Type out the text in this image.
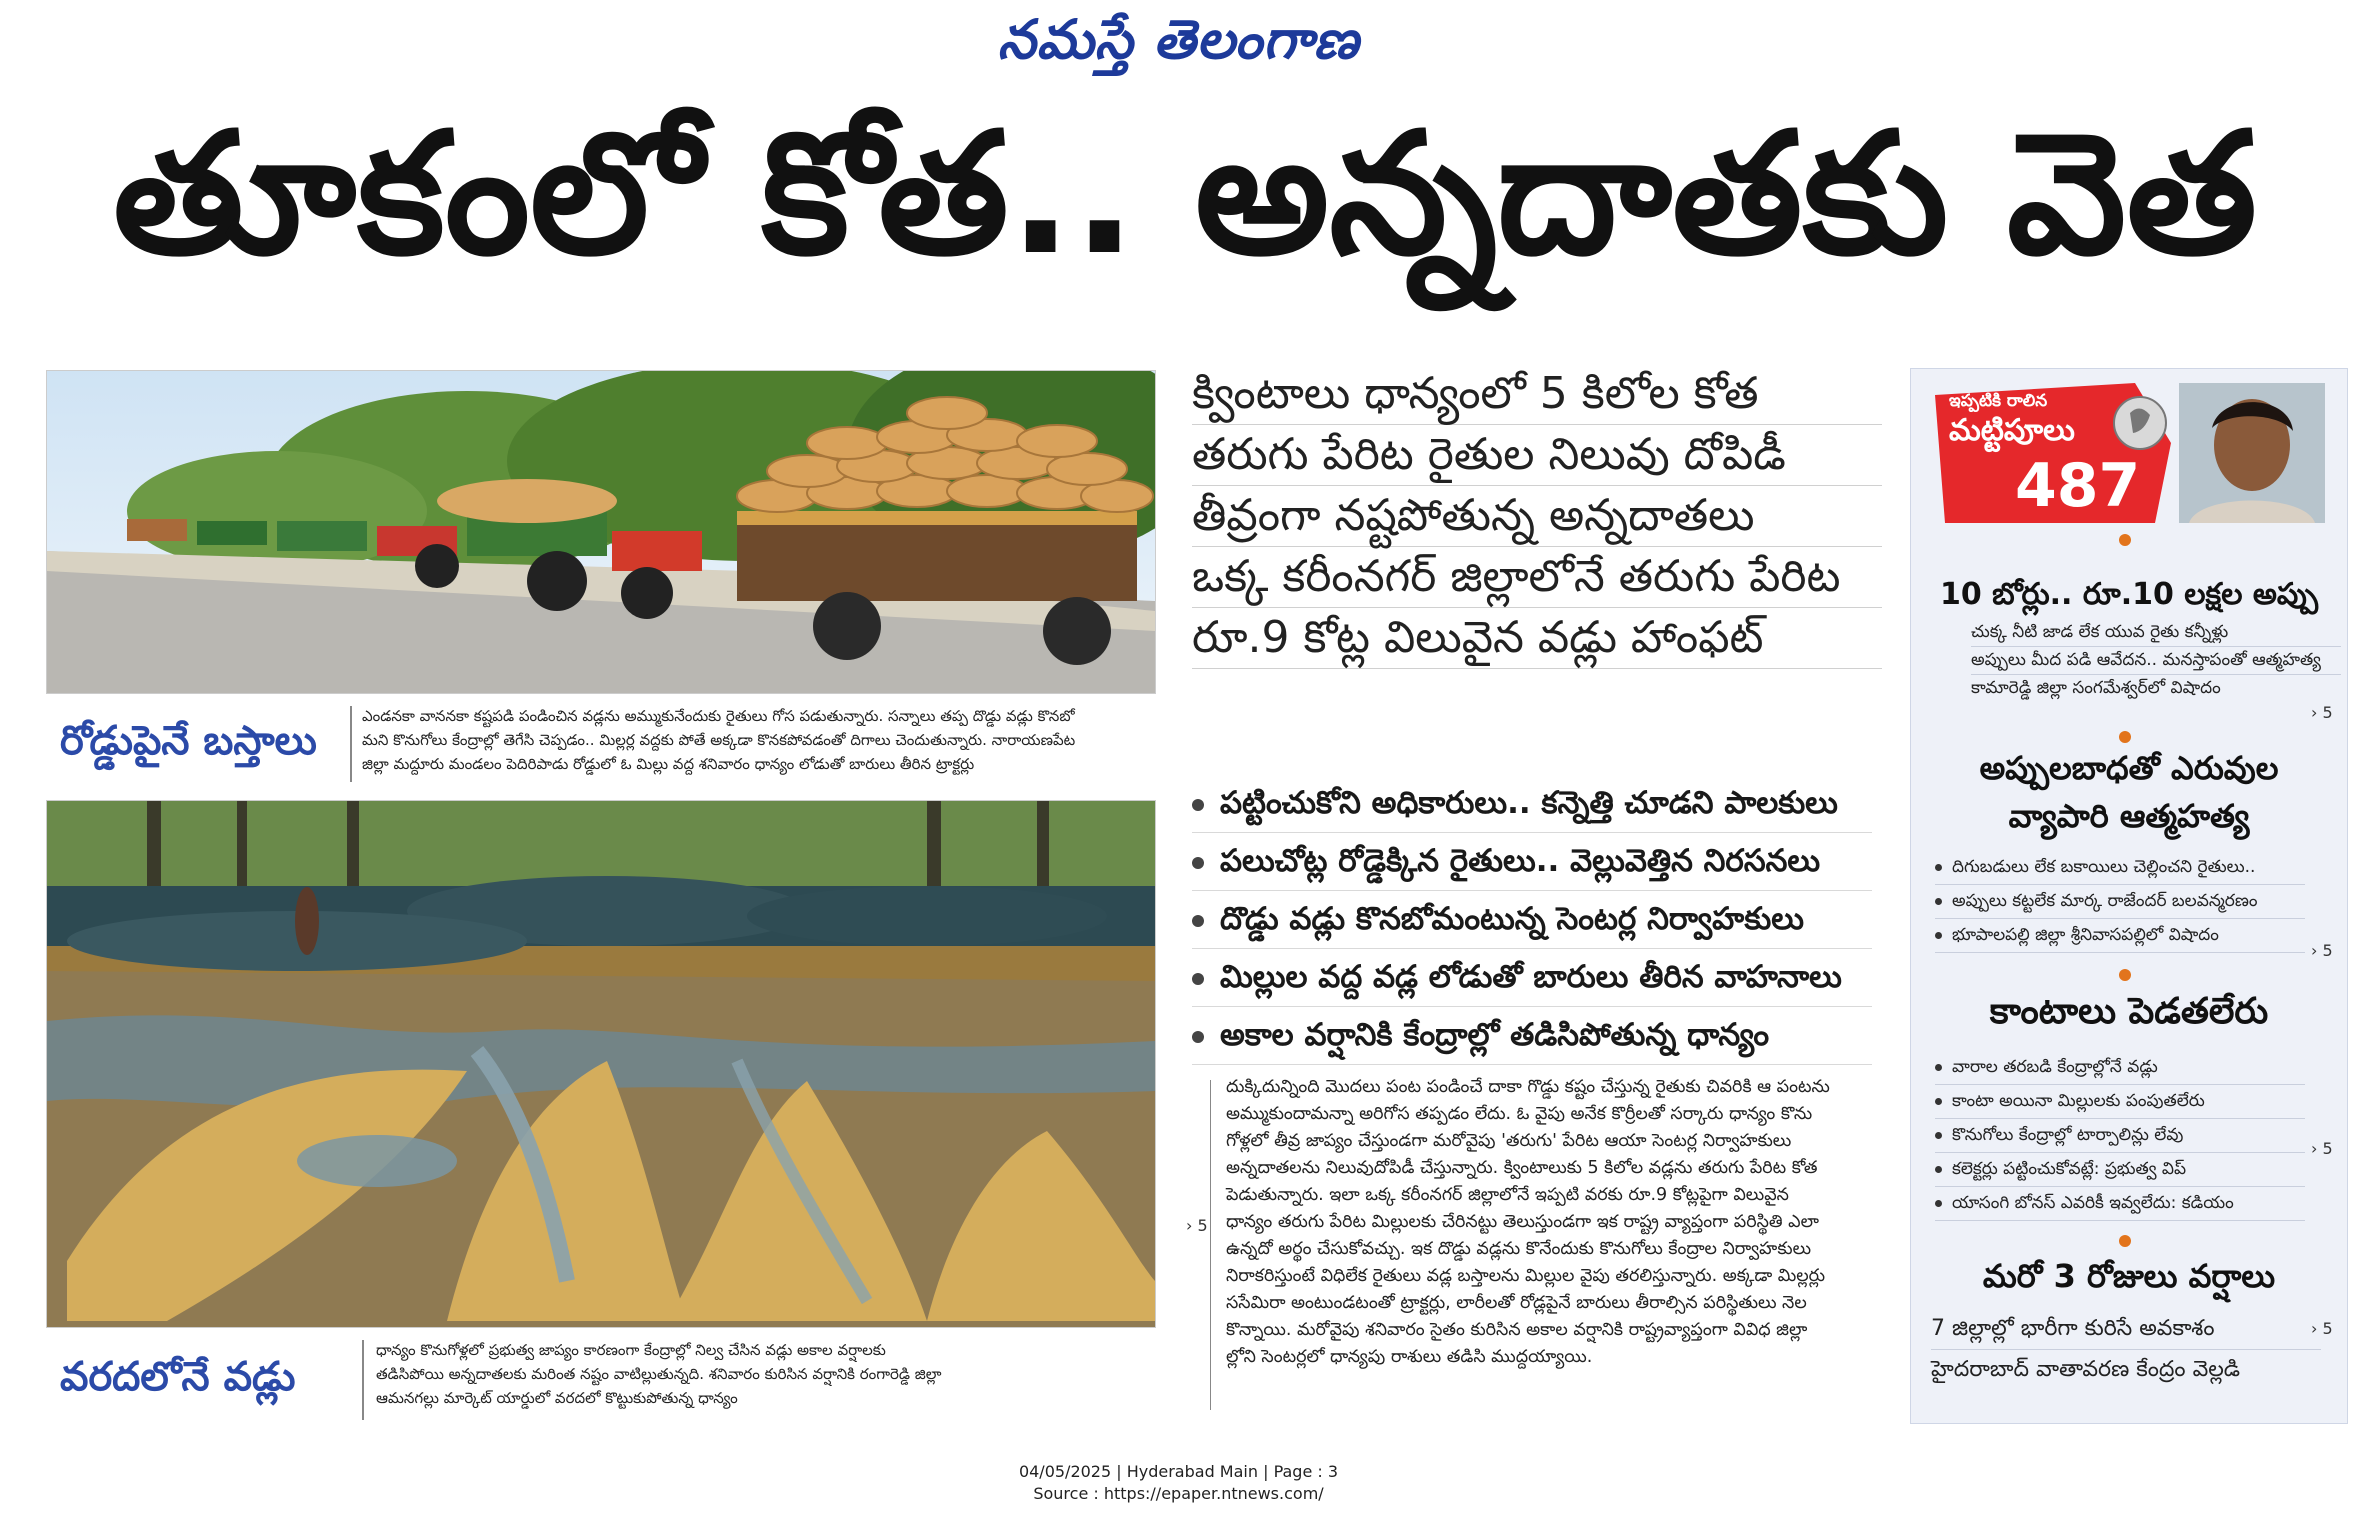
నమస్తే తెలంగాణ
తూకంలో కోత.. అన్నదాతకు వెత
రోడ్డుపైనే బస్తాలు
ఎండనకా వాననకా కష్టపడి పండించిన వడ్లను అమ్ముకునేందుకు రైతులు గోస పడుతున్నారు. సన్నాలు తప్ప దొడ్డు వడ్లు కొనబో
మని కొనుగోలు కేంద్రాల్లో తెగేసి చెప్పడం.. మిల్లర్ల వద్దకు పోతే అక్కడా కొనకపోవడంతో దిగాలు చెందుతున్నారు. నారాయణపేట
జిల్లా మద్దూరు మండలం పెదిరిపాడు రోడ్డులో ఓ మిల్లు వద్ద శనివారం ధాన్యం లోడుతో బారులు తీరిన ట్రాక్టర్లు
వరదలోనే వడ్లు
ధాన్యం కొనుగోళ్లలో ప్రభుత్వ జాప్యం కారణంగా కేంద్రాల్లో నిల్వ చేసిన వడ్లు అకాల వర్షాలకు
తడిసిపోయి అన్నదాతలకు మరింత నష్టం వాటిల్లుతున్నది. శనివారం కురిసిన వర్షానికి రంగారెడ్డి జిల్లా
ఆమనగల్లు మార్కెట్ యార్డులో వరదలో కొట్టుకుపోతున్న ధాన్యం
క్వింటాలు ధాన్యంలో 5 కిలోల కోత
తరుగు పేరిట రైతుల నిలువు దోపిడీ
తీవ్రంగా నష్టపోతున్న అన్నదాతలు
ఒక్క కరీంనగర్ జిల్లాలోనే తరుగు పేరిట
రూ.9 కోట్ల విలువైన వడ్లు హాంఫట్
పట్టించుకోని అధికారులు.. కన్నెత్తి చూడని పాలకులు
పలుచోట్ల రోడ్డెక్కిన రైతులు.. వెల్లువెత్తిన నిరసనలు
దొడ్డు వడ్లు కొనబోమంటున్న సెంటర్ల నిర్వాహకులు
మిల్లుల వద్ద వడ్ల లోడుతో బారులు తీరిన వాహనాలు
అకాల వర్షానికి కేంద్రాల్లో తడిసిపోతున్న ధాన్యం
› 5
దుక్కిదున్నింది మొదలు పంట పండించే దాకా గొడ్డు కష్టం చేస్తున్న రైతుకు చివరికి ఆ పంటను
అమ్ముకుందామన్నా అరిగోస తప్పడం లేదు. ఓ వైపు అనేక కొర్రీలతో సర్కారు ధాన్యం కొను
గోళ్లలో తీవ్ర జాప్యం చేస్తుండగా మరోవైపు 'తరుగు' పేరిట ఆయా సెంటర్ల నిర్వాహకులు
అన్నదాతలను నిలువుదోపిడీ చేస్తున్నారు. క్వింటాలుకు 5 కిలోల వడ్లను తరుగు పేరిట కోత
పెడుతున్నారు. ఇలా ఒక్క కరీంనగర్ జిల్లాలోనే ఇప్పటి వరకు రూ.9 కోట్లపైగా విలువైన
ధాన్యం తరుగు పేరిట మిల్లులకు చేరినట్టు తెలుస్తుండగా ఇక రాష్ట్ర వ్యాప్తంగా పరిస్థితి ఎలా
ఉన్నదో అర్థం చేసుకోవచ్చు. ఇక దొడ్డు వడ్లను కొనేందుకు కొనుగోలు కేంద్రాల నిర్వాహకులు
నిరాకరిస్తుంటే విధిలేక రైతులు వడ్ల బస్తాలను మిల్లుల వైపు తరలిస్తున్నారు. అక్కడా మిల్లర్లు
ససేమిరా అంటుండటంతో ట్రాక్టర్లు, లారీలతో రోడ్లపైనే బారులు తీరాల్సిన పరిస్థితులు నెల
కొన్నాయి. మరోవైపు శనివారం సైతం కురిసిన అకాల వర్షానికి రాష్ట్రవ్యాప్తంగా వివిధ జిల్లా
ల్లోని సెంటర్లలో ధాన్యపు రాశులు తడిసి ముద్దయ్యాయి.
ఇప్పటికి రాలిన
మట్టిపూలు
487
10 బోర్లు.. రూ.10 లక్షల అప్పు
చుక్క నీటి జాడ లేక యువ రైతు కన్నీళ్లు
అప్పులు మీద పడి ఆవేదన.. మనస్తాపంతో ఆత్మహత్య
కామారెడ్డి జిల్లా సంగమేశ్వర్‌లో విషాదం
› 5
అప్పులబాధతో ఎరువుల
వ్యాపారి ఆత్మహత్య
దిగుబడులు లేక బకాయిలు చెల్లించని రైతులు..
అప్పులు కట్టలేక మార్క రాజేందర్ బలవన్మరణం
భూపాలపల్లి జిల్లా శ్రీనివాసపల్లిలో విషాదం
› 5
కాంటాలు పెడతలేరు
వారాల తరబడి కేంద్రాల్లోనే వడ్లు
కాంటా అయినా మిల్లులకు పంపుతలేరు
కొనుగోలు కేంద్రాల్లో టార్పాలిన్లు లేవు
కలెక్టర్లు పట్టించుకోవట్లే: ప్రభుత్వ విప్
యాసంగి బోనస్ ఎవరికీ ఇవ్వలేదు: కడియం
› 5
మరో 3 రోజులు వర్షాలు
7 జిల్లాల్లో భారీగా కురిసే అవకాశం
హైదరాబాద్ వాతావరణ కేంద్రం వెల్లడి
› 5
04/05/2025 | Hyderabad Main | Page : 3
Source : https://epaper.ntnews.com/
